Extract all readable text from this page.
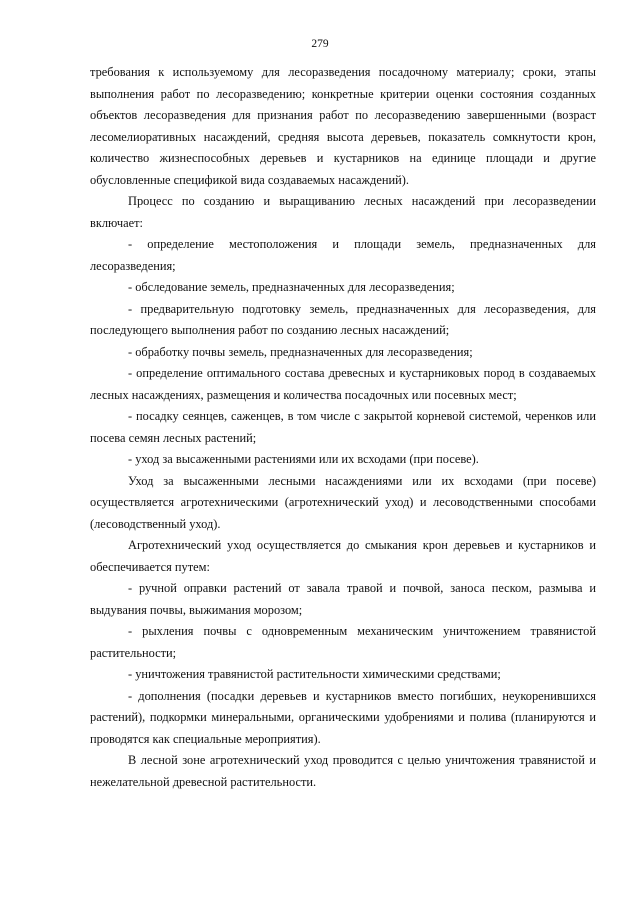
279

требования к используемому для лесоразведения посадочному материалу; сроки, этапы выполнения работ по лесоразведению; конкретные критерии оценки состояния созданных объектов лесоразведения для признания работ по лесоразведению завершенными (возраст лесомелиоративных насаждений, средняя высота деревьев, показатель сомкнутости крон, количество жизнеспособных деревьев и кустарников на единице площади и другие обусловленные спецификой вида создаваемых насаждений).

Процесс по созданию и выращиванию лесных насаждений при лесоразведении включает:

- определение местоположения и площади земель, предназначенных для лесоразведения;

- обследование земель, предназначенных для лесоразведения;

- предварительную подготовку земель, предназначенных для лесоразведения, для последующего выполнения работ по созданию лесных насаждений;

- обработку почвы земель, предназначенных для лесоразведения;

- определение оптимального состава древесных и кустарниковых пород в создаваемых лесных насаждениях, размещения и количества посадочных или посевных мест;

- посадку сеянцев, саженцев, в том числе с закрытой корневой системой, черенков или посева семян лесных растений;

- уход за высаженными растениями или их всходами (при посеве).

Уход за высаженными лесными насаждениями или их всходами (при посеве) осуществляется агротехническими (агротехнический уход) и лесоводственными способами (лесоводственный уход).

Агротехнический уход осуществляется до смыкания крон деревьев и кустарников и обеспечивается путем:

- ручной оправки растений от завала травой и почвой, заноса песком, размыва и выдувания почвы, выжимания морозом;

- рыхления почвы с одновременным механическим уничтожением травянистой растительности;

- уничтожения травянистой растительности химическими средствами;

- дополнения (посадки деревьев и кустарников вместо погибших, неукоренившихся растений), подкормки минеральными, органическими удобрениями и полива (планируются и проводятся как специальные мероприятия).

В лесной зоне агротехнический уход проводится с целью уничтожения травянистой и нежелательной древесной растительности.
